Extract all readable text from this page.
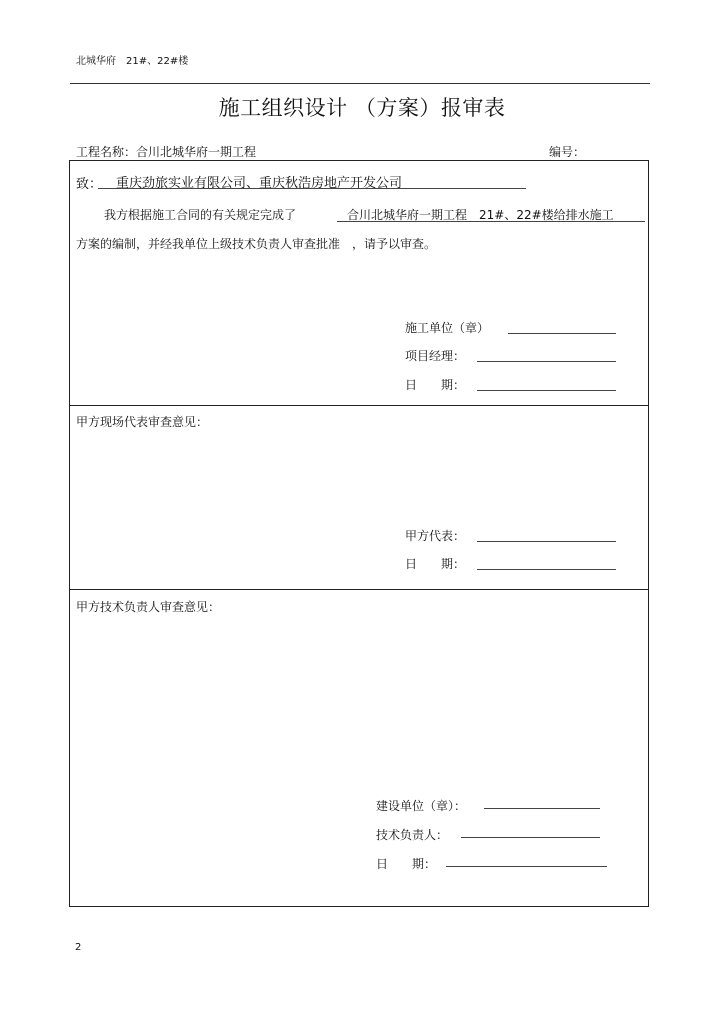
北城华府　21#、22#楼
施工组织设计 （方案）报审表
工程名称：合川北城华府一期工程	编号：
致： 重庆劲旅实业有限公司、重庆秋浩房地产开发公司
我方根据施工合同的有关规定完成了	合川北城华府一期工程　21#、22#楼给排水施工
方案的编制，并经我单位上级技术负责人审查批准　，请予以审查。
施工单位（章）
项目经理：
日　　期：
甲方现场代表审查意见：
甲方代表：
日　　期：
甲方技术负责人审查意见：
建设单位（章）：
技术负责人：
日　　期：
2
